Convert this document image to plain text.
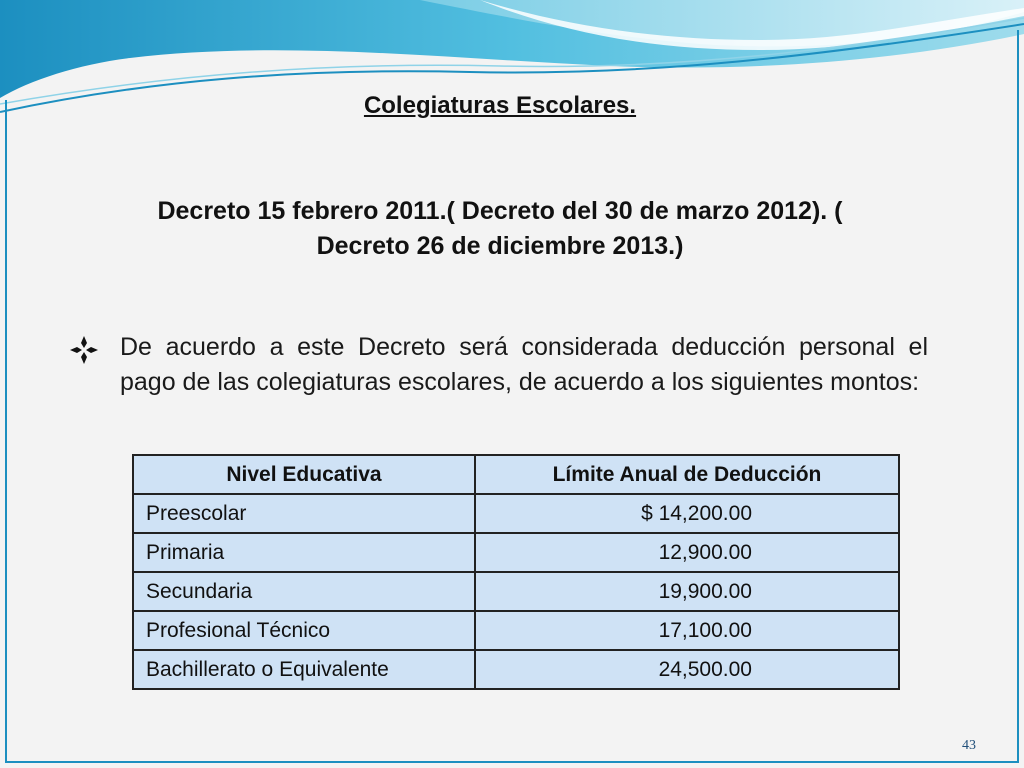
Colegiaturas Escolares.
Decreto 15 febrero 2011.( Decreto del 30 de marzo 2012). (
Decreto 26 de diciembre 2013.)
De acuerdo a este Decreto será considerada deducción personal el pago de las colegiaturas escolares, de acuerdo a los siguientes montos:
Nivel Educativa	Límite Anual de Deducción
Preescolar	$ 14,200.00
Primaria	12,900.00
Secundaria	19,900.00
Profesional Técnico	17,100.00
Bachillerato o Equivalente	24,500.00
43
